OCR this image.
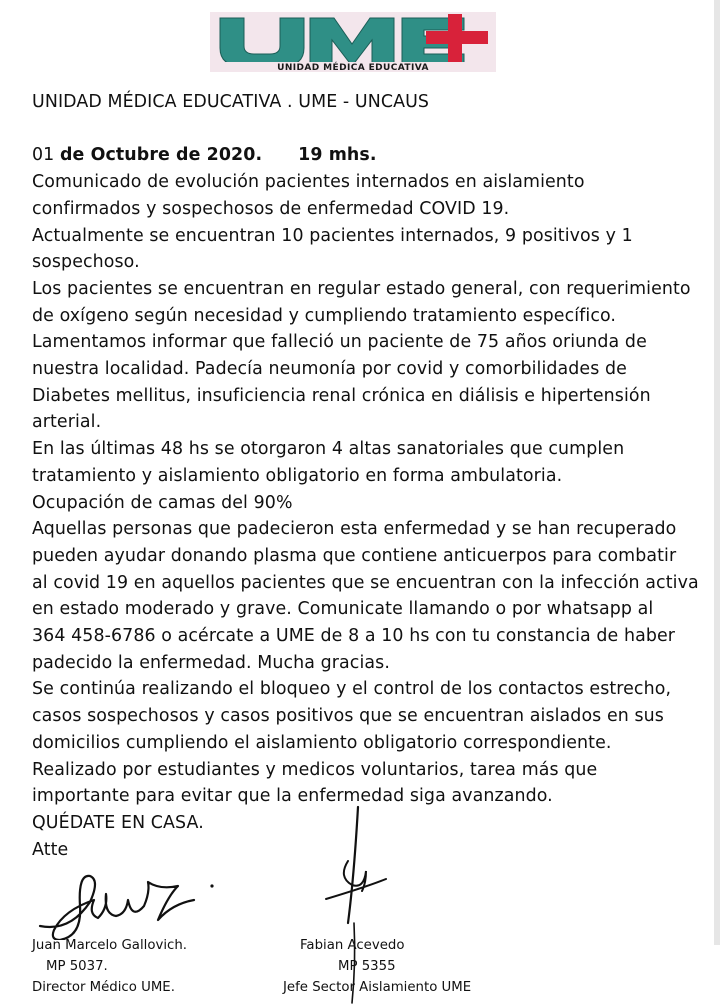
UNIDAD MÉDICA EDUCATIVA

UNIDAD MÉDICA EDUCATIVA . UME - UNCAUS

01 de Octubre de 2020. 19 mhs.

Comunicado de evolución pacientes internados en aislamiento

confirmados y sospechosos de enfermedad COVID 19.

Actualmente se encuentran 10 pacientes internados, 9 positivos y 1

sospechoso.

Los pacientes se encuentran en regular estado general, con requerimiento

de oxígeno según necesidad y cumpliendo tratamiento específico.

Lamentamos informar que falleció un paciente de 75 años oriunda de

nuestra localidad. Padecía neumonía por covid y comorbilidades de

Diabetes mellitus, insuficiencia renal crónica en diálisis e hipertensión

arterial.

En las últimas 48 hs se otorgaron 4 altas sanatoriales que cumplen

tratamiento y aislamiento obligatorio en forma ambulatoria.

Ocupación de camas del 90%

Aquellas personas que padecieron esta enfermedad y se han recuperado

pueden ayudar donando plasma que contiene anticuerpos para combatir

al covid 19 en aquellos pacientes que se encuentran con la infección activa

en estado moderado y grave. Comunicate llamando o por whatsapp al

364 458-6786 o acércate a UME de 8 a 10 hs con tu constancia de haber

padecido la enfermedad. Mucha gracias.

Se continúa realizando el bloqueo y el control de los contactos estrecho,

casos sospechosos y casos positivos que se encuentran aislados en sus

domicilios cumpliendo el aislamiento obligatorio correspondiente.

Realizado por estudiantes y medicos voluntarios, tarea más que

importante para evitar que la enfermedad siga avanzando.

QUÉDATE EN CASA.

Atte

Juan Marcelo Gallovich.
MP 5037.
Director Médico UME.
Fabian Acevedo
MP 5355
Jefe Sector Aislamiento UME
